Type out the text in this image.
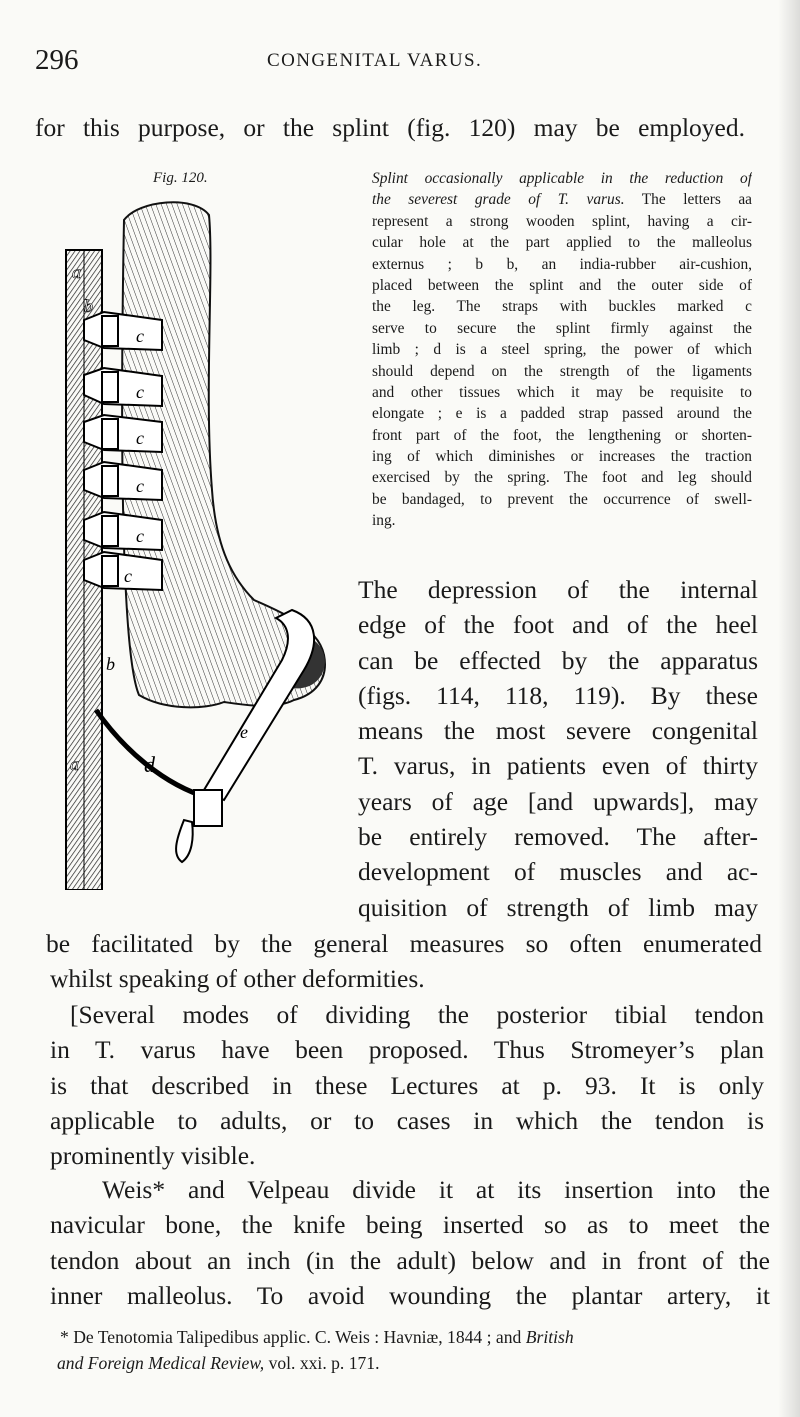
296	CONGENITAL VARUS.
for this purpose, or the splint (fig. 120) may be employed.
Fig. 120.	Splint occasionally applicable in the reduction of
the severest grade of T. varus. The letters aa
represent a strong wooden splint, having a cir-
cular hole at the part applied to the malleolus
externus ; b b, an india-rubber air-cushion,
placed between the splint and the outer side of
the leg. The straps with buckles marked c
serve to secure the splint firmly against the
limb ; d is a steel spring, the power of which
should depend on the strength of the ligaments
and other tissues which it may be requisite to
elongate ; e is a padded strap passed around the
front part of the foot, the lengthening or shorten-
ing of which diminishes or increases the traction
exercised by the spring. The foot and leg should
be bandaged, to prevent the occurrence of swell-
ing.
a
b
c
c
c
c
c
c
b
e
d
a
The depression of the internal
edge of the foot and of the heel
can be effected by the apparatus
(figs. 114, 118, 119). By these
means the most severe congenital
T. varus, in patients even of thirty
years of age [and upwards], may
be entirely removed. The after-
development of muscles and ac-
quisition of strength of limb may
be facilitated by the general measures so often enumerated
whilst speaking of other deformities.
[Several modes of dividing the posterior tibial tendon
in T. varus have been proposed. Thus Stromeyer’s plan
is that described in these Lectures at p. 93. It is only
applicable to adults, or to cases in which the tendon is
prominently visible.
Weis* and Velpeau divide it at its insertion into the
navicular bone, the knife being inserted so as to meet the
tendon about an inch (in the adult) below and in front of the
inner malleolus. To avoid wounding the plantar artery, it
* De Tenotomia Talipedibus applic. C. Weis : Havniæ, 1844 ; and British
and Foreign Medical Review, vol. xxi. p. 171.
